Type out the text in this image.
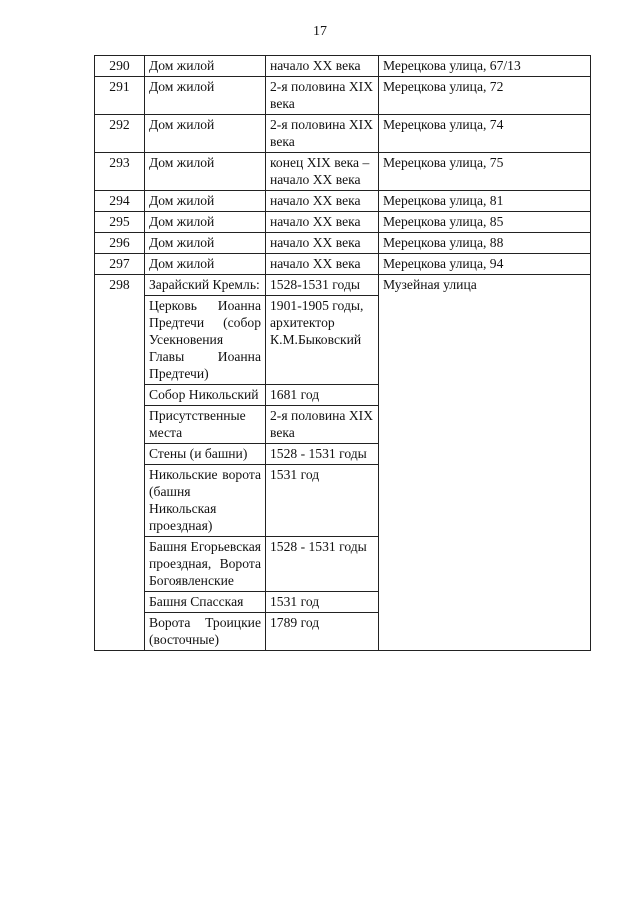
17
290	Дом жилой	начало XX века	Мерецкова улица, 67/13
291	Дом жилой	2-я половина XIX века	Мерецкова улица, 72
292	Дом жилой	2-я половина XIX века	Мерецкова улица, 74
293	Дом жилой	конец XIX века – начало XX века	Мерецкова улица, 75
294	Дом жилой	начало XX века	Мерецкова улица, 81
295	Дом жилой	начало XX века	Мерецкова улица, 85
296	Дом жилой	начало XX века	Мерецкова улица, 88
297	Дом жилой	начало XX века	Мерецкова улица, 94
298	Зарайский Кремль:	1528-1531 годы	Музейная улица
	Церковь Иоанна Предтечи (собор Усекновения Главы Иоанна Предтечи)	1901-1905 годы, архитектор К.М.Быковский	
	Собор Никольский	1681 год	
	Присутственные места	2-я половина XIX века	
	Стены (и башни)	1528 - 1531 годы	
	Никольские ворота (башня Никольская проездная)	1531 год	
	Башня Егорьевская проездная, Ворота Богоявленские	1528 - 1531 годы	
	Башня Спасская	1531 год	
	Ворота Троицкие (восточные)	1789 год	
